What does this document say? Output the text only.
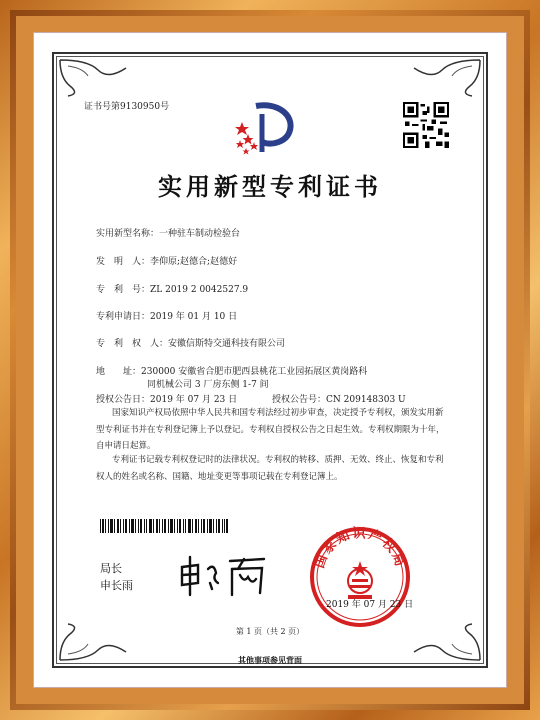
证书号第9130950号
实用新型专利证书
实用新型名称：一种驻车制动检验台
发　明　人：李仰原;赵德合;赵德好
专　利　号：ZL 2019 2 0042527.9
专利申请日：2019 年 01 月 10 日
专　利　权　人：安徽信斯特交通科技有限公司
地　　址：230000 安徽省合肥市肥西县桃花工业园拓展区黄岗路科
同机械公司 3 厂房东侧 1-7 间
授权公告日：2019 年 07 月 23 日	授权公告号：CN 209148303 U
国家知识产权局依照中华人民共和国专利法经过初步审查，决定授予专利权，颁发实用新型专利证书并在专利登记簿上予以登记。专利权自授权公告之日起生效。专利权期限为十年，自申请日起算。
专利证书记载专利权登记时的法律状况。专利权的转移、质押、无效、终止、恢复和专利权人的姓名或名称、国籍、地址变更等事项记载在专利登记簿上。
局长
申长雨
国家知识产权局
2019 年 07 月 23 日
第 1 页（共 2 页）
其他事项参见背面
